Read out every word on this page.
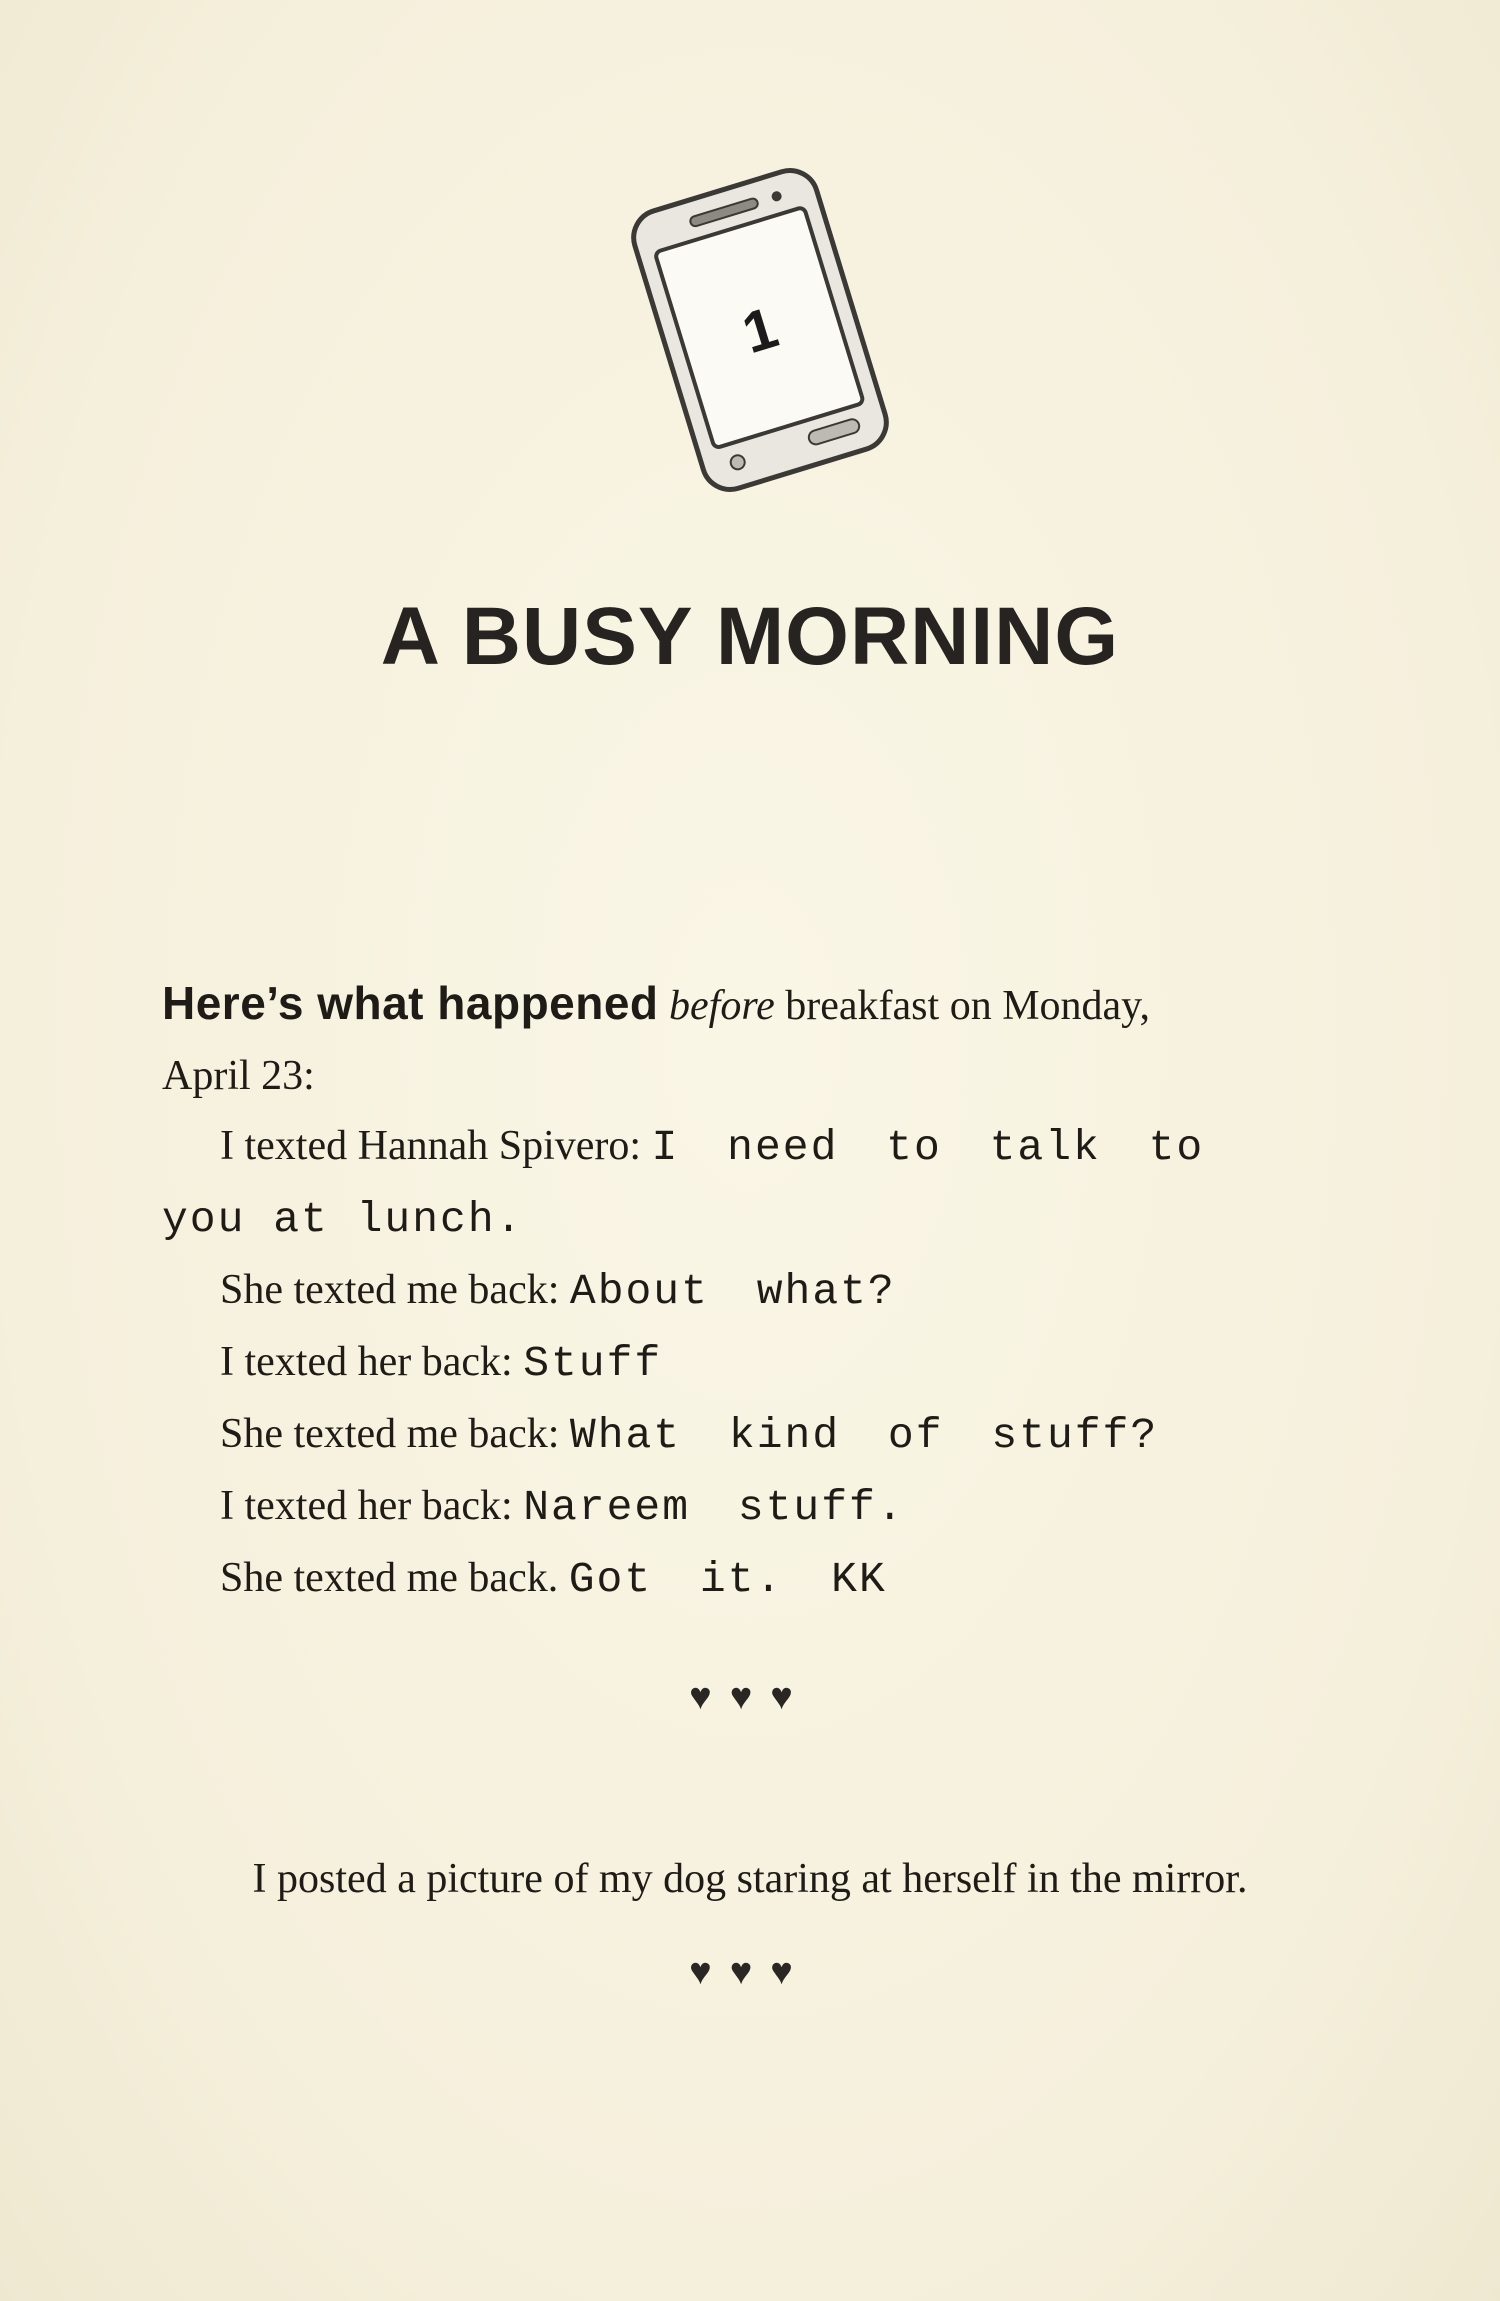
1
A BUSY MORNING

Here’s what happened before breakfast on Monday,

April 23:

I texted Hannah Spivero: I need to talk to

you at lunch.

She texted me back: About what?

I texted her back: Stuff

She texted me back: What kind of stuff?

I texted her back: Nareem stuff.

She texted me back. Got it. KK

♥♥♥

I posted a picture of my dog staring at herself in the mirror.

♥♥♥
